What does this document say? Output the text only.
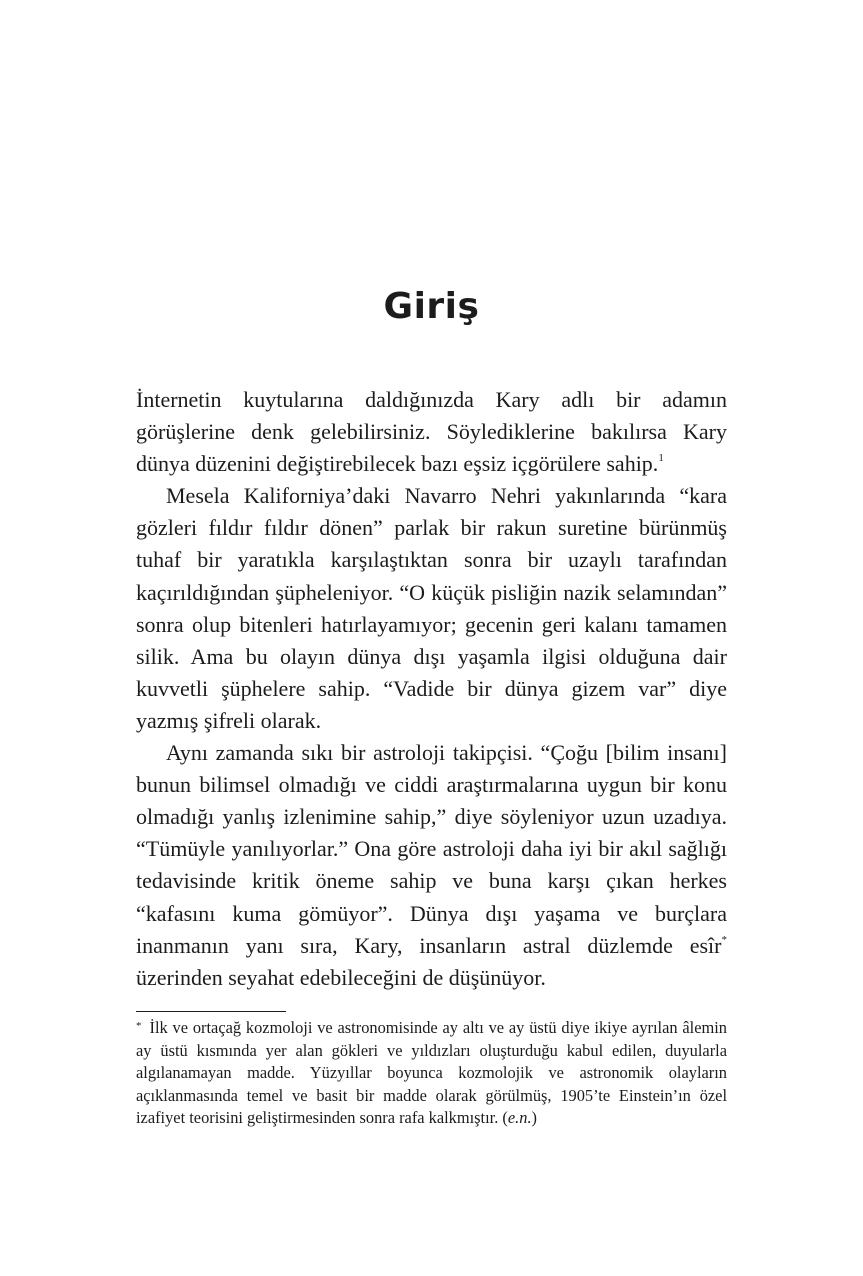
Giriş

İnternetin kuytularına daldığınızda Kary adlı bir adamın görüşlerine denk gelebilirsiniz. Söylediklerine bakılırsa Kary dünya düzenini değiştirebilecek bazı eşsiz içgörülere sahip.$^1$

Mesela Kaliforniya’daki Navarro Nehri yakınlarında “kara gözleri fıldır fıldır dönen” parlak bir rakun suretine bürünmüş tuhaf bir yaratıkla karşılaştıktan sonra bir uzaylı tarafından kaçırıldığından şüpheleniyor. “O küçük pisliğin nazik selamından” sonra olup bitenleri hatırlayamıyor; gecenin geri kalanı tamamen silik. Ama bu olayın dünya dışı yaşamla ilgisi olduğuna dair kuvvetli şüphelere sahip. “Vadide bir dünya gizem var” diye yazmış şifreli olarak.

Aynı zamanda sıkı bir astroloji takipçisi. “Çoğu [bilim insanı] bunun bilimsel olmadığı ve ciddi araştırmalarına uygun bir konu olmadığı yanlış izlenimine sahip,” diye söyleniyor uzun uzadıya. “Tümüyle yanılıyorlar.” Ona göre astroloji daha iyi bir akıl sağlığı tedavisinde kritik öneme sahip ve buna karşı çıkan herkes “kafasını kuma gömüyor”. Dünya dışı yaşama ve burçlara inanmanın yanı sıra, Kary, insanların astral düzlemde esîr* üzerinden seyahat edebileceğini de düşünüyor.

* İlk ve ortaçağ kozmoloji ve astronomisinde ay altı ve ay üstü diye ikiye ayrılan âlemin ay üstü kısmında yer alan gökleri ve yıldızları oluşturduğu kabul edilen, duyularla algılanamayan madde. Yüzyıllar boyunca kozmolojik ve astronomik olayların açıklanmasında temel ve basit bir madde olarak görülmüş, 1905’te Einstein’ın özel izafiyet teorisini geliştirmesinden sonra rafa kalkmıştır. (e.n.)
